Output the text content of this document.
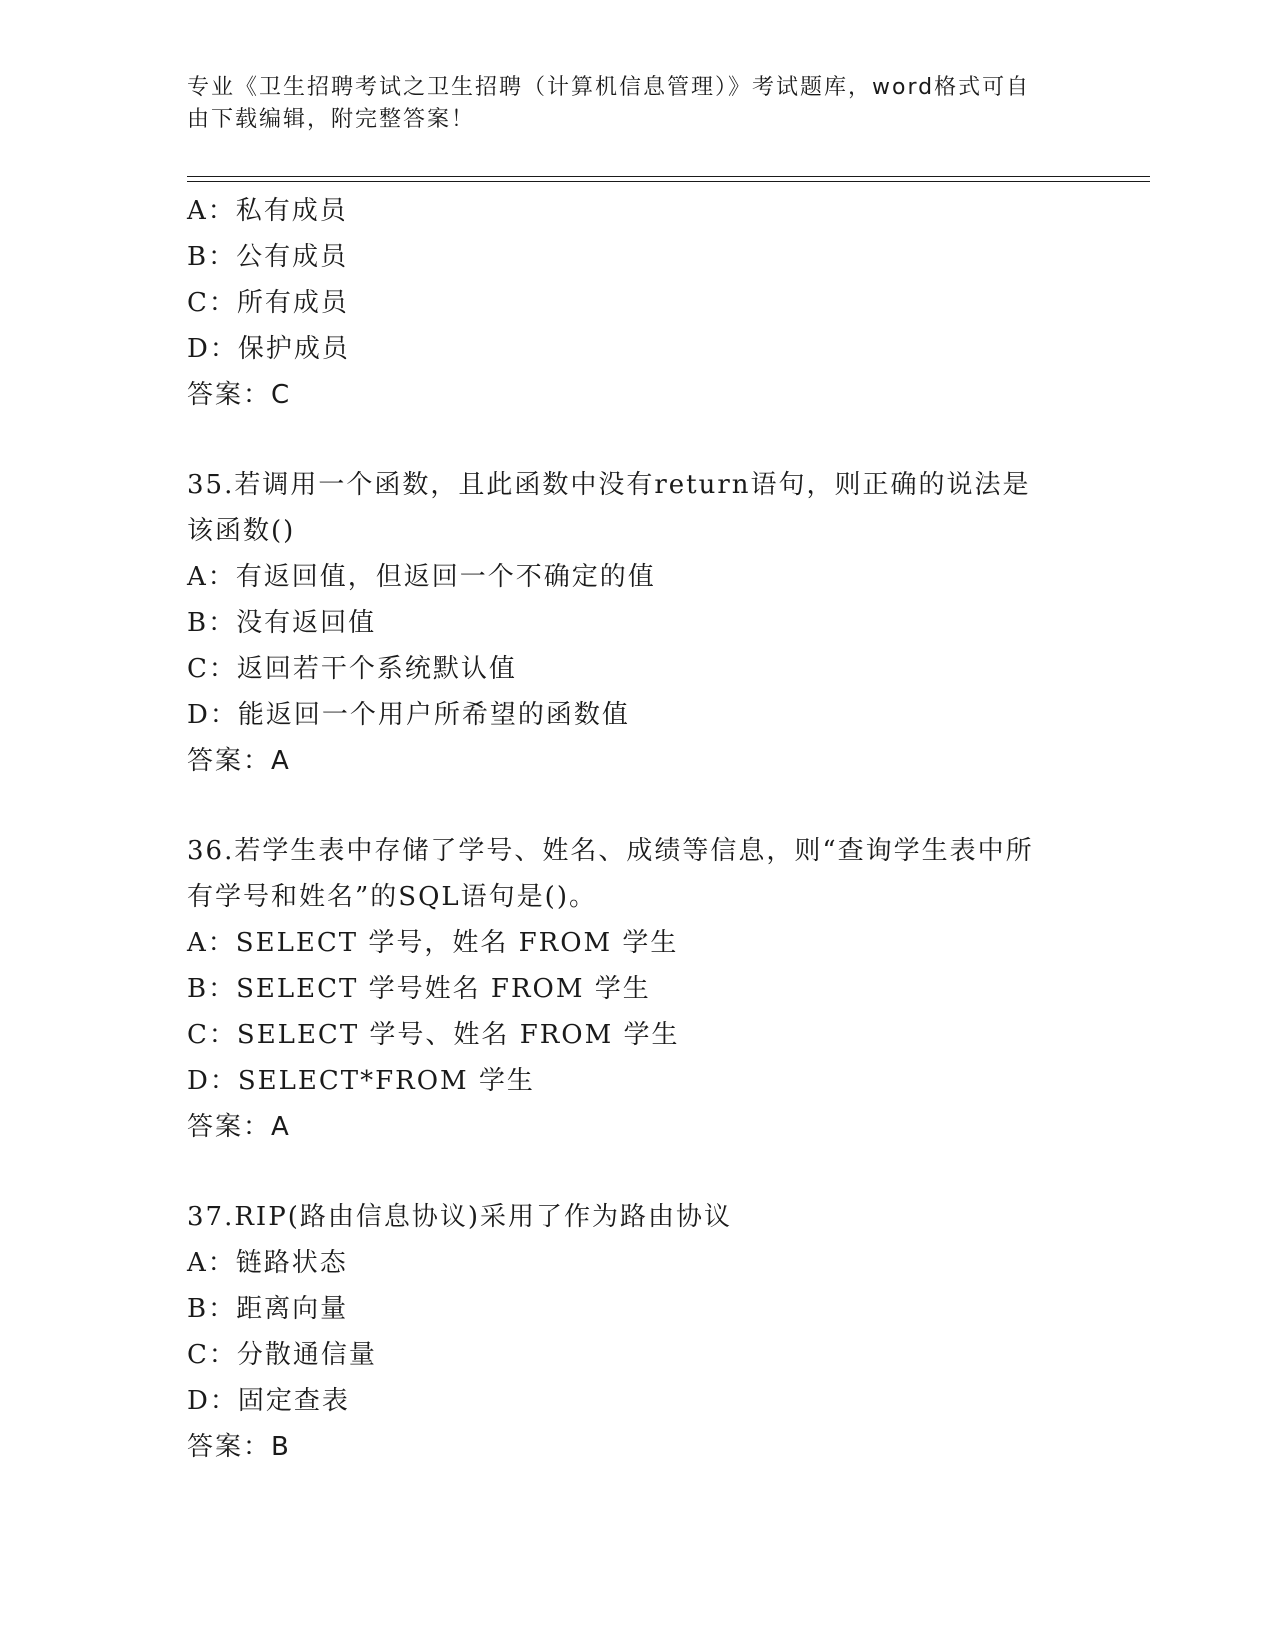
专业《卫生招聘考试之卫生招聘（计算机信息管理）》考试题库，word格式可自
由下载编辑，附完整答案！
A：私有成员
B：公有成员
C：所有成员
D：保护成员
答案：C
35.若调用一个函数，且此函数中没有return语句，则正确的说法是
该函数()
A：有返回值，但返回一个不确定的值
B：没有返回值
C：返回若干个系统默认值
D：能返回一个用户所希望的函数值
答案：A
36.若学生表中存储了学号、姓名、成绩等信息，则“查询学生表中所
有学号和姓名”的SQL语句是()。
A：SELECT 学号，姓名 FROM 学生
B：SELECT 学号姓名 FROM 学生
C：SELECT 学号、姓名 FROM 学生
D：SELECT*FROM 学生
答案：A
37.RIP(路由信息协议)采用了作为路由协议
A：链路状态
B：距离向量
C：分散通信量
D：固定查表
答案：B
